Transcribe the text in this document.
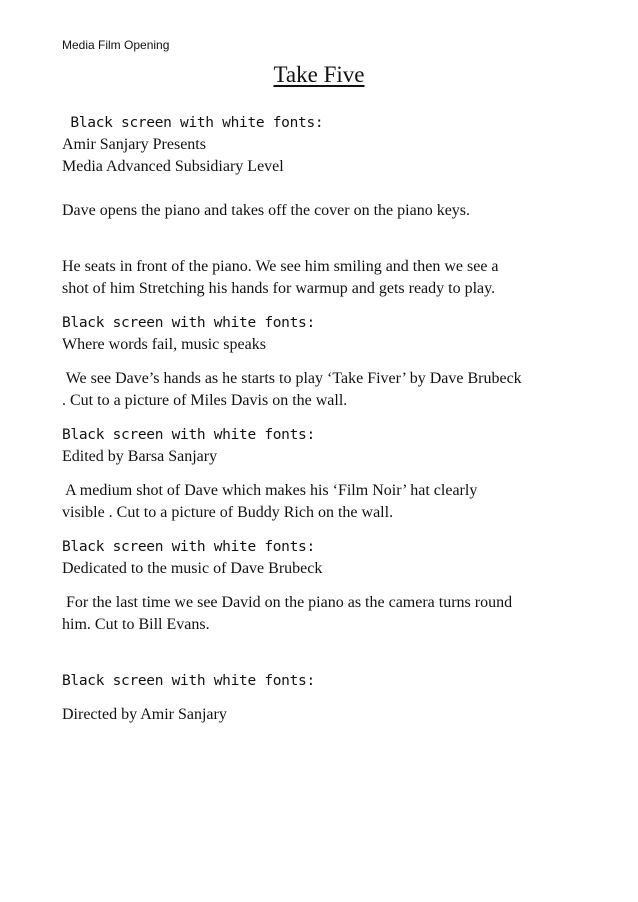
Media Film Opening
Take Five
Black screen with white fonts:
Amir Sanjary Presents
Media Advanced Subsidiary Level
Dave opens the piano and takes off the cover on the piano keys.
He seats in front of the piano. We see him smiling and then we see a
shot of him Stretching his hands for warmup and gets ready to play.
Black screen with white fonts:
Where words fail, music speaks
We see Dave’s hands as he starts to play ‘Take Fiver’ by Dave Brubeck
. Cut to a picture of Miles Davis on the wall.
Black screen with white fonts:
Edited by Barsa Sanjary
A medium shot of Dave which makes his ‘Film Noir’ hat clearly
visible . Cut to a picture of Buddy Rich on the wall.
Black screen with white fonts:
Dedicated to the music of Dave Brubeck
For the last time we see David on the piano as the camera turns round
him. Cut to Bill Evans.
Black screen with white fonts:
Directed by Amir Sanjary
